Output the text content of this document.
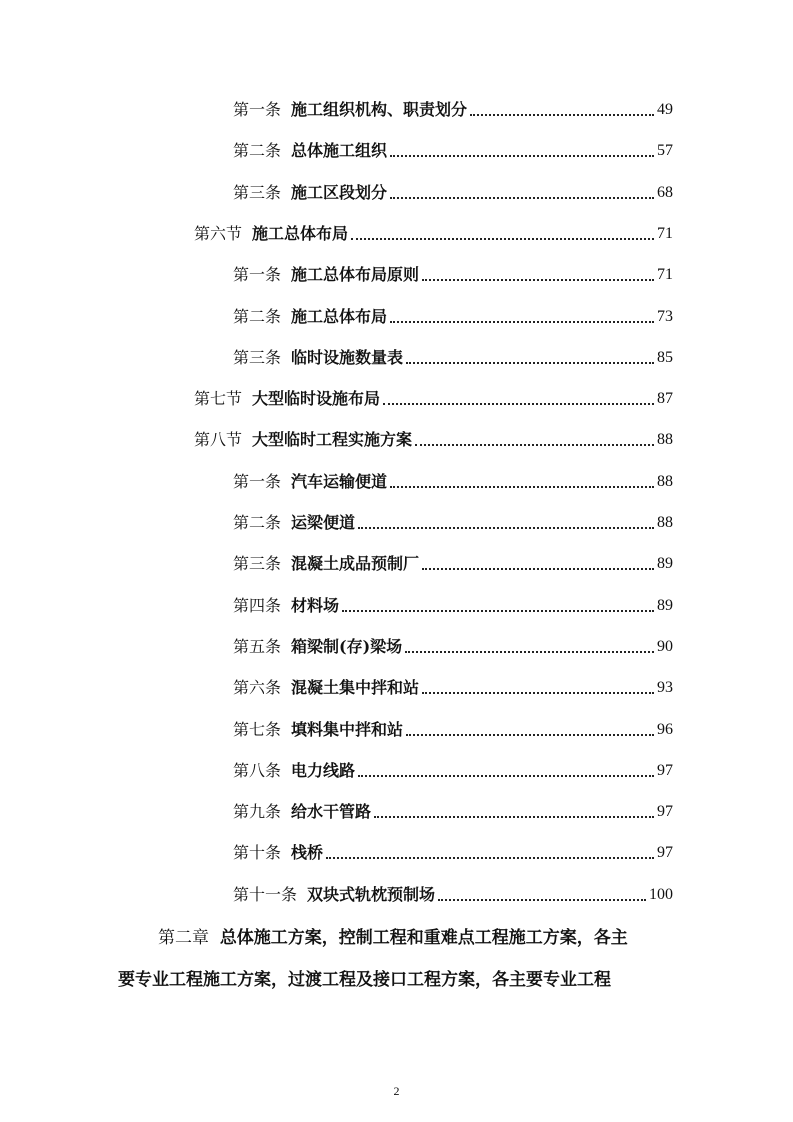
第一条 施工组织机构、职责划分	49
第二条 总体施工组织	57
第三条 施工区段划分	68
第六节 施工总体布局	71
第一条 施工总体布局原则	71
第二条 施工总体布局	73
第三条 临时设施数量表	85
第七节 大型临时设施布局	87
第八节 大型临时工程实施方案	88
第一条 汽车运输便道	88
第二条 运梁便道	88
第三条 混凝土成品预制厂	89
第四条 材料场	89
第五条 箱梁制(存)梁场	90
第六条 混凝土集中拌和站	93
第七条 填料集中拌和站	96
第八条 电力线路	97
第九条 给水干管路	97
第十条 栈桥	97
第十一条 双块式轨枕预制场	100
第二章 总体施工方案，控制工程和重难点工程施工方案，各主
要专业工程施工方案，过渡工程及接口工程方案，各主要专业工程
2
